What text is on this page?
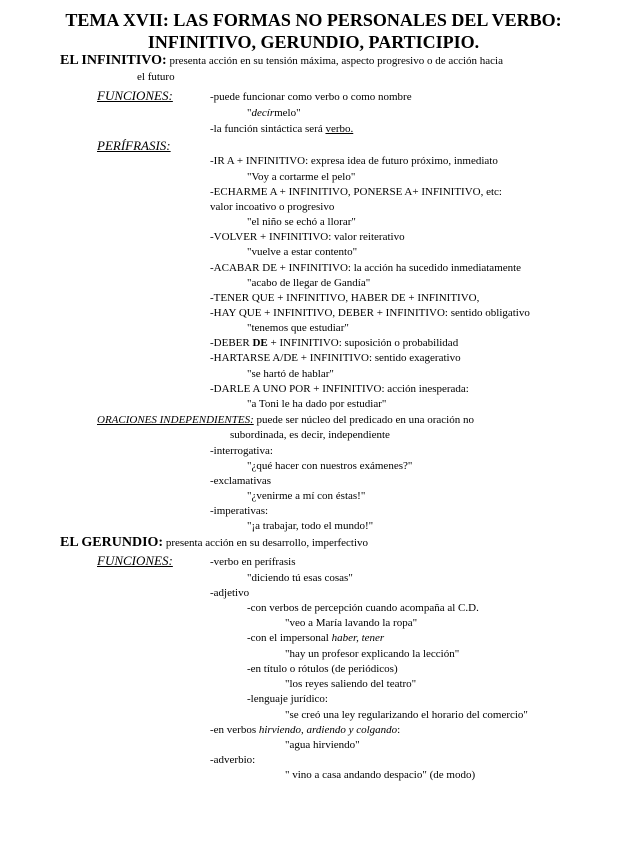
TEMA XVII: LAS FORMAS NO PERSONALES DEL VERBO:
INFINITIVO, GERUNDIO, PARTICIPIO.
EL INFINITIVO: presenta acción en su tensión máxima, aspecto progresivo o de acción hacia
el futuro
FUNCIONES:	-puede funcionar como verbo o como nombre
"decírmelo"
-la función sintáctica será verbo.
PERÍFRASIS:
-IR A + INFINITIVO: expresa idea de futuro próximo, inmediato
"Voy a cortarme el pelo"
-ECHARME A + INFINITIVO, PONERSE A+ INFINITIVO, etc:
valor incoativo o progresivo
"el niño se echó a llorar"
-VOLVER + INFINITIVO: valor reiterativo
"vuelve a estar contento"
-ACABAR DE + INFINITIVO: la acción ha sucedido inmediatamente
"acabo de llegar de Gandía"
-TENER QUE + INFINITIVO, HABER DE + INFINITIVO,
-HAY QUE + INFINITIVO, DEBER + INFINITIVO: sentido obligativo
"tenemos que estudiar"
-DEBER DE + INFINITIVO: suposición o probabilidad
-HARTARSE A/DE + INFINITIVO: sentido exagerativo
"se hartó de hablar"
-DARLE A UNO POR + INFINITIVO: acción inesperada:
"a Toni le ha dado por estudiar"
ORACIONES INDEPENDIENTES: puede ser núcleo del predicado en una oración no
subordinada, es decir, independiente
-interrogativa:
"¿qué hacer con nuestros exámenes?"
-exclamativas
"¿venirme a mí con éstas!"
-imperativas:
"¡a trabajar, todo el mundo!"
EL GERUNDIO: presenta acción en su desarrollo, imperfectivo
FUNCIONES:	-verbo en perífrasis
"diciendo tú esas cosas"
-adjetivo
-con verbos de percepción cuando acompaña al C.D.
"veo a María lavando la ropa"
-con el impersonal haber, tener
"hay un profesor explicando la lección"
-en título o rótulos (de periódicos)
"los reyes saliendo del teatro"
-lenguaje jurídico:
"se creó una ley regularizando el horario del comercio"
-en verbos hirviendo, ardiendo y colgando:
"agua hirviendo"
-adverbio:
" vino a casa andando despacio" (de modo)
